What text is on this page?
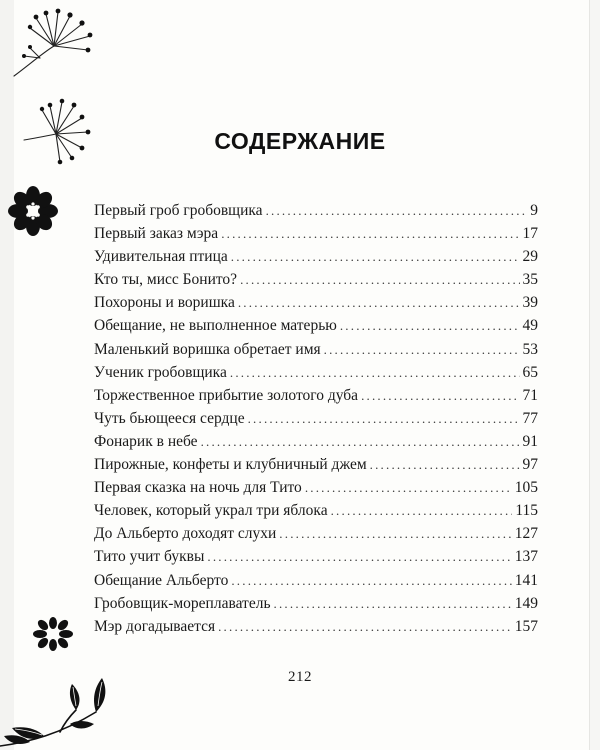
СОДЕРЖАНИЕ
Первый гроб гробовщика .....	9
Первый заказ мэра .....	17
Удивительная птица .....	29
Кто ты, мисс Бонито? .....	35
Похороны и воришка .....	39
Обещание, не выполненное матерью .....	49
Маленький воришка обретает имя .....	53
Ученик гробовщика .....	65
Торжественное прибытие золотого дуба .....	71
Чуть бьющееся сердце .....	77
Фонарик в небе .....	91
Пирожные, конфеты и клубничный джем .....	97
Первая сказка на ночь для Тито .....	105
Человек, который украл три яблока .....	115
До Альберто доходят слухи .....	127
Тито учит буквы .....	137
Обещание Альберто .....	141
Гробовщик-мореплаватель .....	149
Мэр догадывается .....	157
212
